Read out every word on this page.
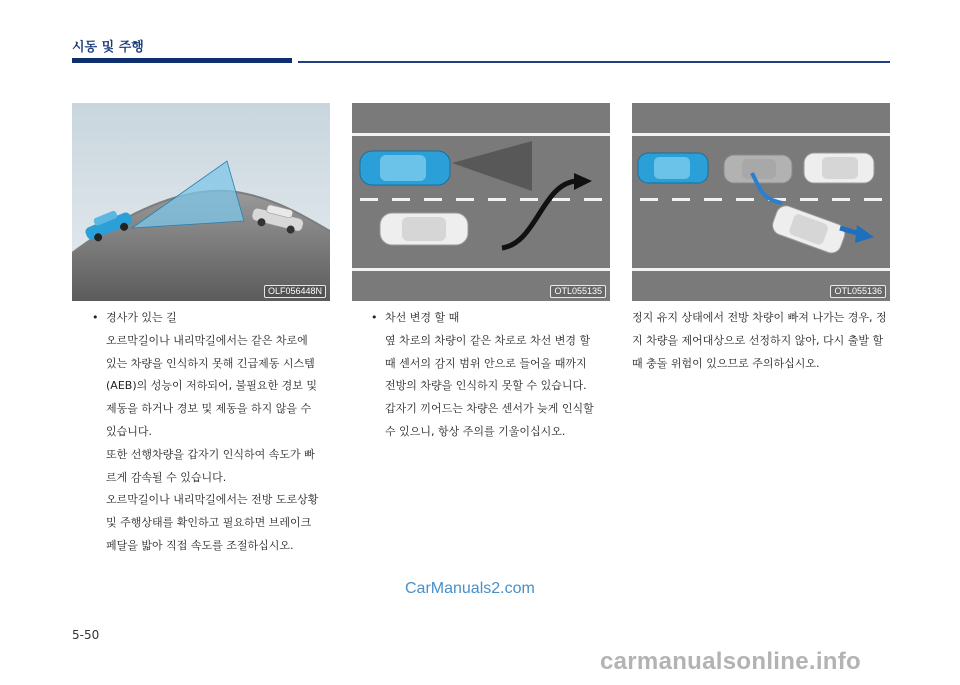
시동 및 주행
OLF056448N	OTL055135	OTL055136
• 경사가 있는 길
오르막길이나 내리막길에서는 같은 차로에
있는 차량을 인식하지 못해 긴급제동 시스템
(AEB)의 성능이 저하되어, 불필요한 경보 및
제동을 하거나 경보 및 제동을 하지 않을 수
있습니다.
또한 선행차량을 갑자기 인식하여 속도가 빠
르게 감속될 수 있습니다.
오르막길이나 내리막길에서는 전방 도로상황
및 주행상태를 확인하고 필요하면 브레이크
페달을 밟아 직접 속도를 조절하십시오.
• 차선 변경 할 때
옆 차로의 차량이 같은 차로로 차선 변경 할
때 센서의 감지 범위 안으로 들어올 때까지
전방의 차량을 인식하지 못할 수 있습니다.
갑자기 끼어드는 차량은 센서가 늦게 인식할
수 있으니, 항상 주의를 기울이십시오.
정지 유지 상태에서 전방 차량이 빠져 나가는 경우, 정
지 차량을 제어대상으로 선정하지 않아, 다시 출발 할
때 충돌 위험이 있으므로 주의하십시오.
CarManuals2.com
5-50
carmanualsonline.info
